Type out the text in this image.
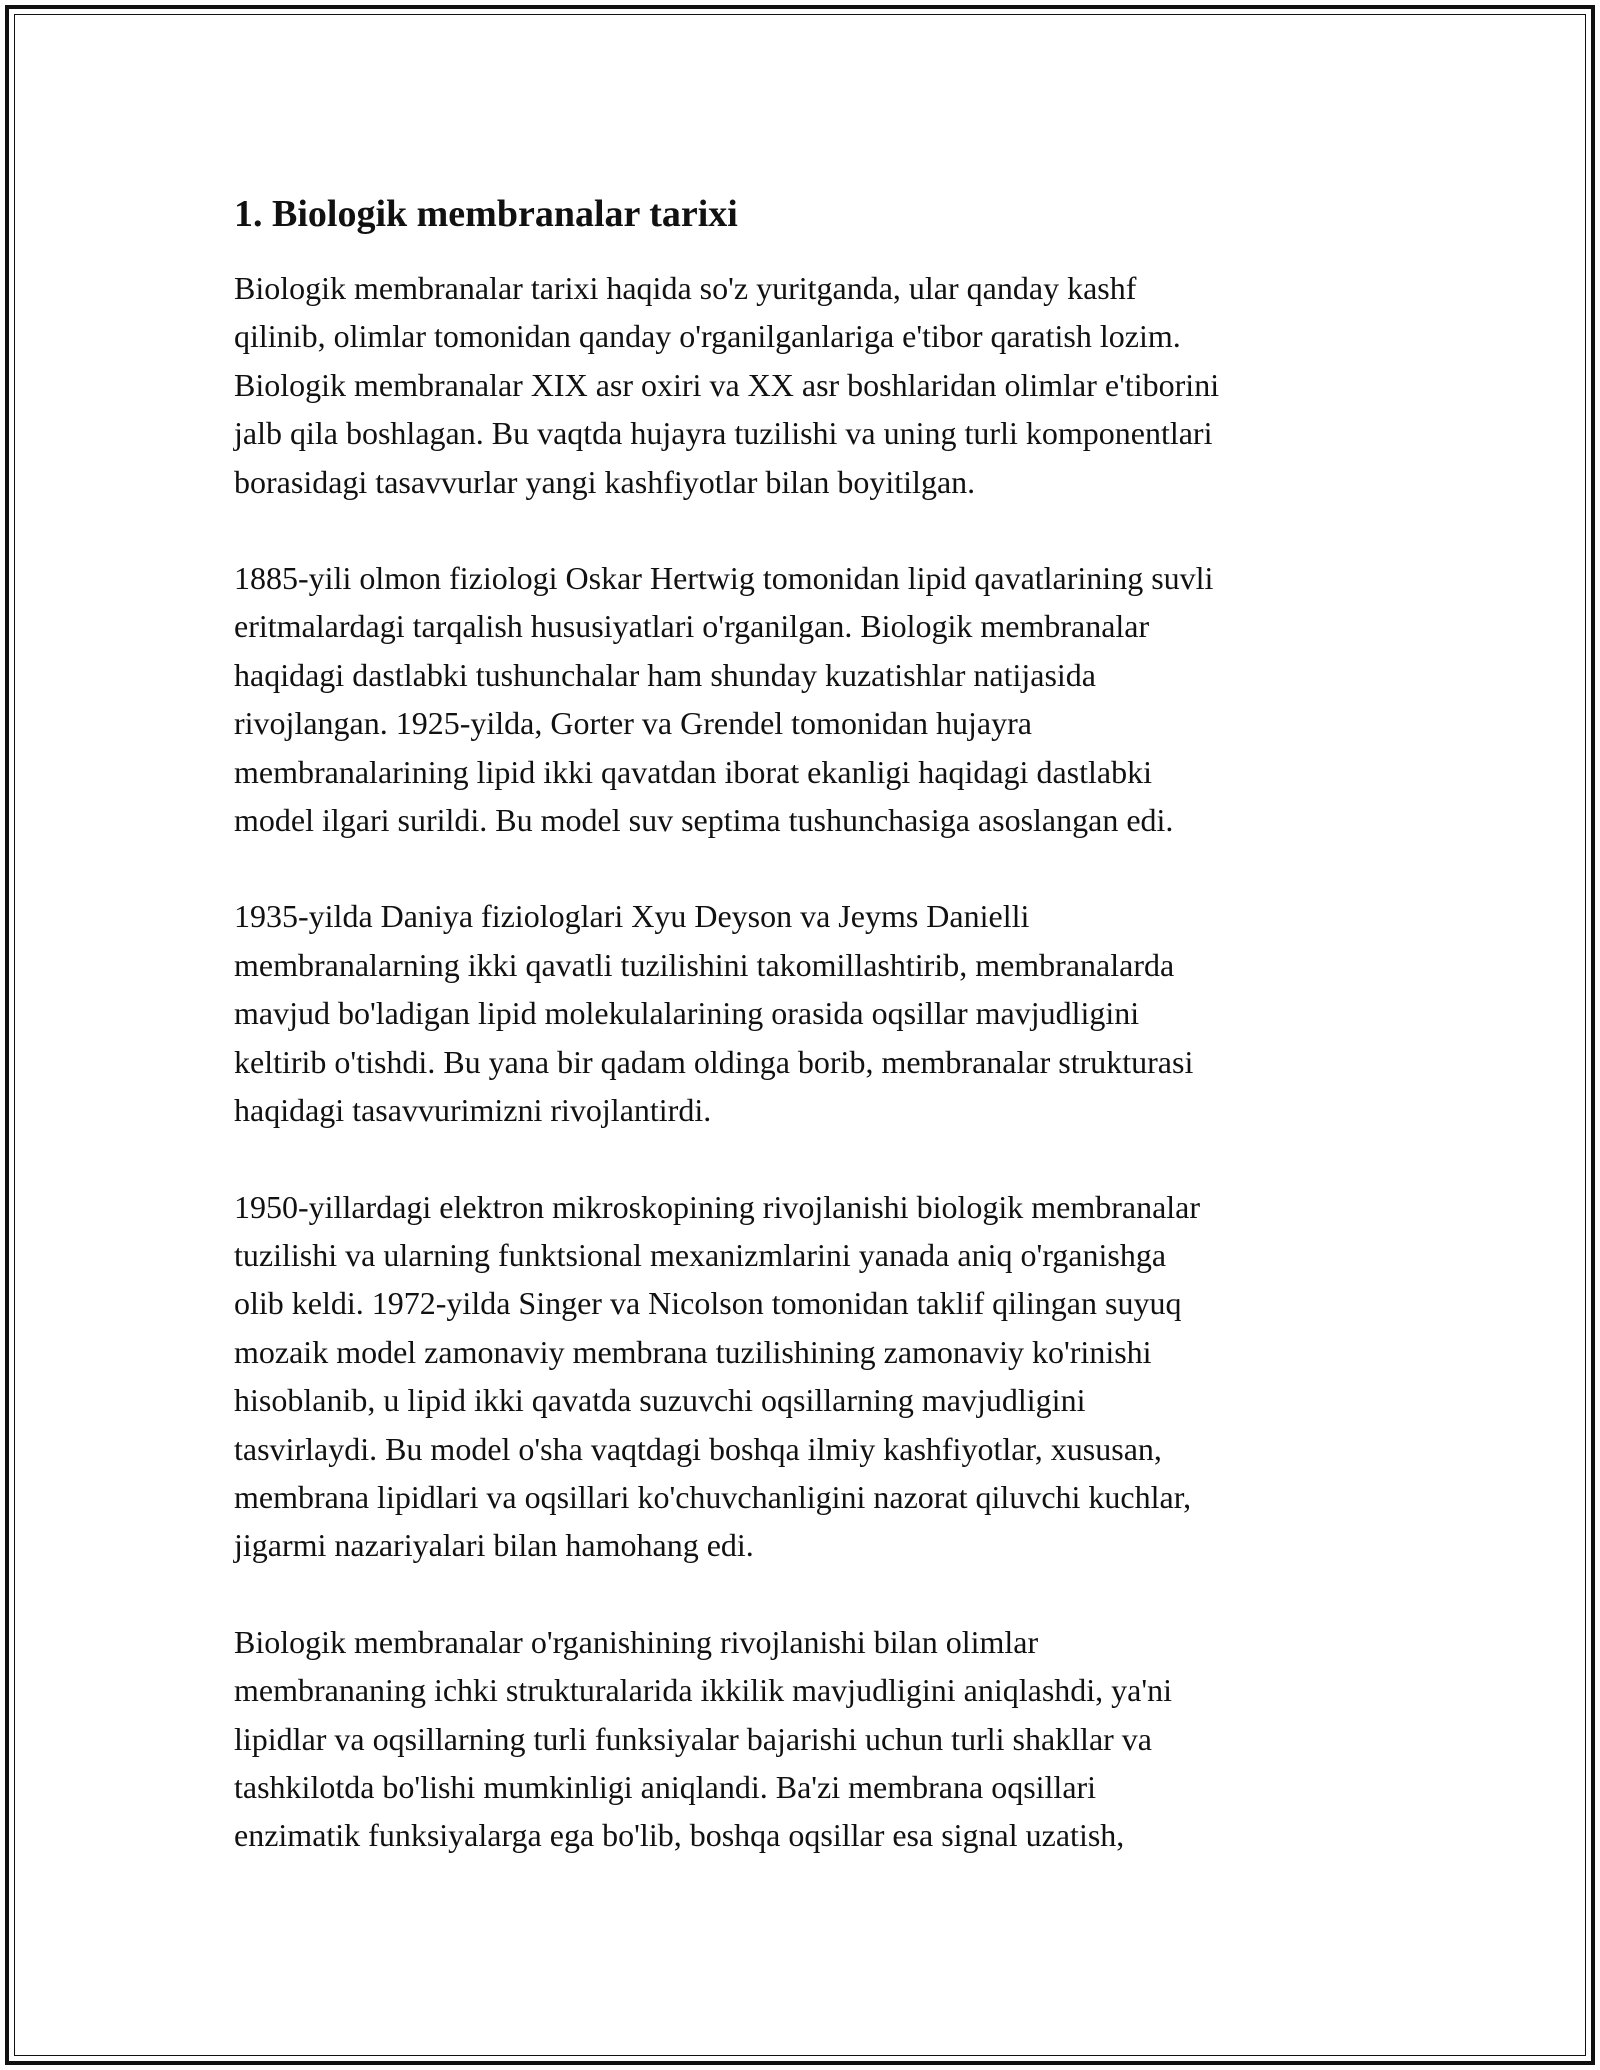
1. Biologik membranalar tarixi

Biologik membranalar tarixi haqida so'z yuritganda, ular qanday kashf
qilinib, olimlar tomonidan qanday o'rganilganlariga e'tibor qaratish lozim.
Biologik membranalar XIX asr oxiri va XX asr boshlaridan olimlar e'tiborini
jalb qila boshlagan. Bu vaqtda hujayra tuzilishi va uning turli komponentlari
borasidagi tasavvurlar yangi kashfiyotlar bilan boyitilgan.

1885-yili olmon fiziologi Oskar Hertwig tomonidan lipid qavatlarining suvli
eritmalardagi tarqalish hususiyatlari o'rganilgan. Biologik membranalar
haqidagi dastlabki tushunchalar ham shunday kuzatishlar natijasida
rivojlangan. 1925-yilda, Gorter va Grendel tomonidan hujayra
membranalarining lipid ikki qavatdan iborat ekanligi haqidagi dastlabki
model ilgari surildi. Bu model suv septima tushunchasiga asoslangan edi.

1935-yilda Daniya fiziologlari Xyu Deyson va Jeyms Danielli
membranalarning ikki qavatli tuzilishini takomillashtirib, membranalarda
mavjud bo'ladigan lipid molekulalarining orasida oqsillar mavjudligini
keltirib o'tishdi. Bu yana bir qadam oldinga borib, membranalar strukturasi
haqidagi tasavvurimizni rivojlantirdi.

1950-yillardagi elektron mikroskopining rivojlanishi biologik membranalar
tuzilishi va ularning funktsional mexanizmlarini yanada aniq o'rganishga
olib keldi. 1972-yilda Singer va Nicolson tomonidan taklif qilingan suyuq
mozaik model zamonaviy membrana tuzilishining zamonaviy ko'rinishi
hisoblanib, u lipid ikki qavatda suzuvchi oqsillarning mavjudligini
tasvirlaydi. Bu model o'sha vaqtdagi boshqa ilmiy kashfiyotlar, xususan,
membrana lipidlari va oqsillari ko'chuvchanligini nazorat qiluvchi kuchlar,
jigarmi nazariyalari bilan hamohang edi.

Biologik membranalar o'rganishining rivojlanishi bilan olimlar
membrananing ichki strukturalarida ikkilik mavjudligini aniqlashdi, ya'ni
lipidlar va oqsillarning turli funksiyalar bajarishi uchun turli shakllar va
tashkilotda bo'lishi mumkinligi aniqlandi. Ba'zi membrana oqsillari
enzimatik funksiyalarga ega bo'lib, boshqa oqsillar esa signal uzatish,
